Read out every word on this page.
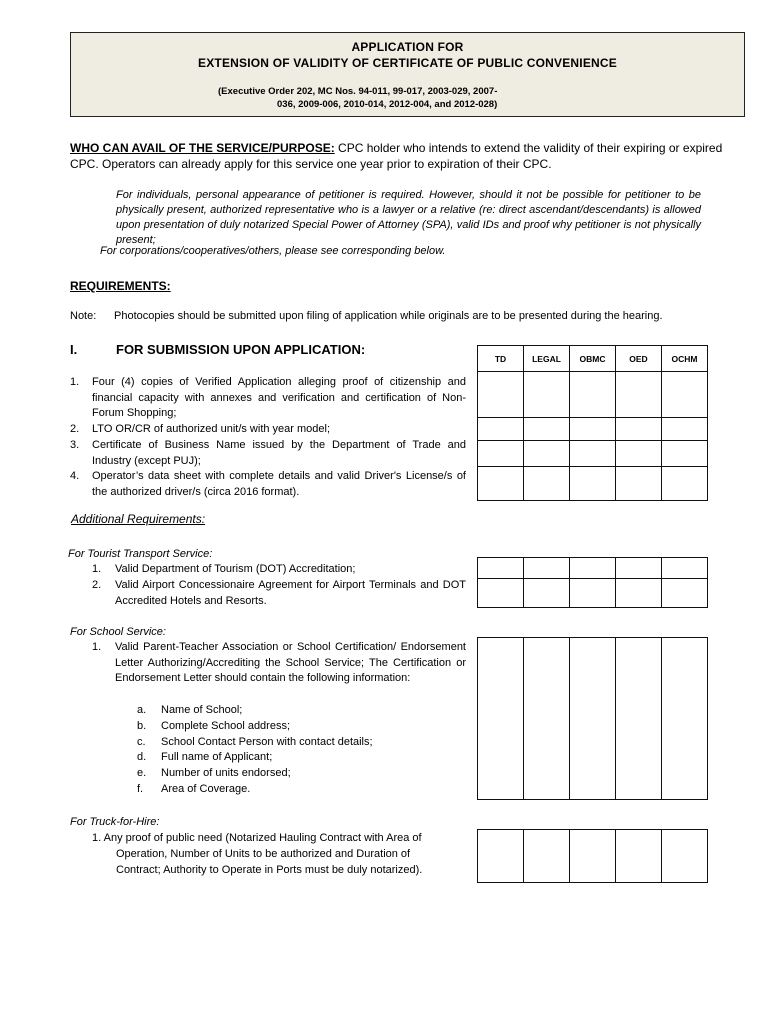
APPLICATION FOR
EXTENSION OF VALIDITY OF CERTIFICATE OF PUBLIC CONVENIENCE
(Executive Order 202, MC Nos. 94-011, 99-017, 2003-029, 2007-
036, 2009-006, 2010-014, 2012-004, and 2012-028)
WHO CAN AVAIL OF THE SERVICE/PURPOSE: CPC holder who intends to extend the validity of their expiring or expired
CPC. Operators can already apply for this service one year prior to expiration of their CPC.
For individuals, personal appearance of petitioner is required. However, should it not be possible for petitioner to be physically present, authorized representative who is a lawyer or a relative (re: direct ascendant/descendants) is allowed upon presentation of duly notarized Special Power of Attorney (SPA), valid IDs and proof why petitioner is not physically present;
For corporations/cooperatives/others, please see corresponding below.
REQUIREMENTS:
Note: Photocopies should be submitted upon filing of application while originals are to be presented during the hearing.
I.	FOR SUBMISSION UPON APPLICATION:
1. Four (4) copies of Verified Application alleging proof of citizenship and financial capacity with annexes and verification and certification of Non-Forum Shopping;
2. LTO OR/CR of authorized unit/s with year model;
3. Certificate of Business Name issued by the Department of Trade and Industry (except PUJ);
4. Operator’s data sheet with complete details and valid Driver's License/s of the authorized driver/s (circa 2016 format).
TD	LEGAL	OBMC	OED	OCHM

Additional Requirements:
For Tourist Transport Service:
1. Valid Department of Tourism (DOT) Accreditation;
2. Valid Airport Concessionaire Agreement for Airport Terminals and DOT Accredited Hotels and Resorts.

For School Service:
1. Valid Parent-Teacher Association or School Certification/ Endorsement Letter Authorizing/Accrediting the School Service; The Certification or Endorsement Letter should contain the following information:
a. Name of School;
b. Complete School address;
c. School Contact Person with contact details;
d. Full name of Applicant;
e. Number of units endorsed;
f. Area of Coverage.

For Truck-for-Hire:
1. Any proof of public need (Notarized Hauling Contract with Area of
Operation, Number of Units to be authorized and Duration of
Contract; Authority to Operate in Ports must be duly notarized).
